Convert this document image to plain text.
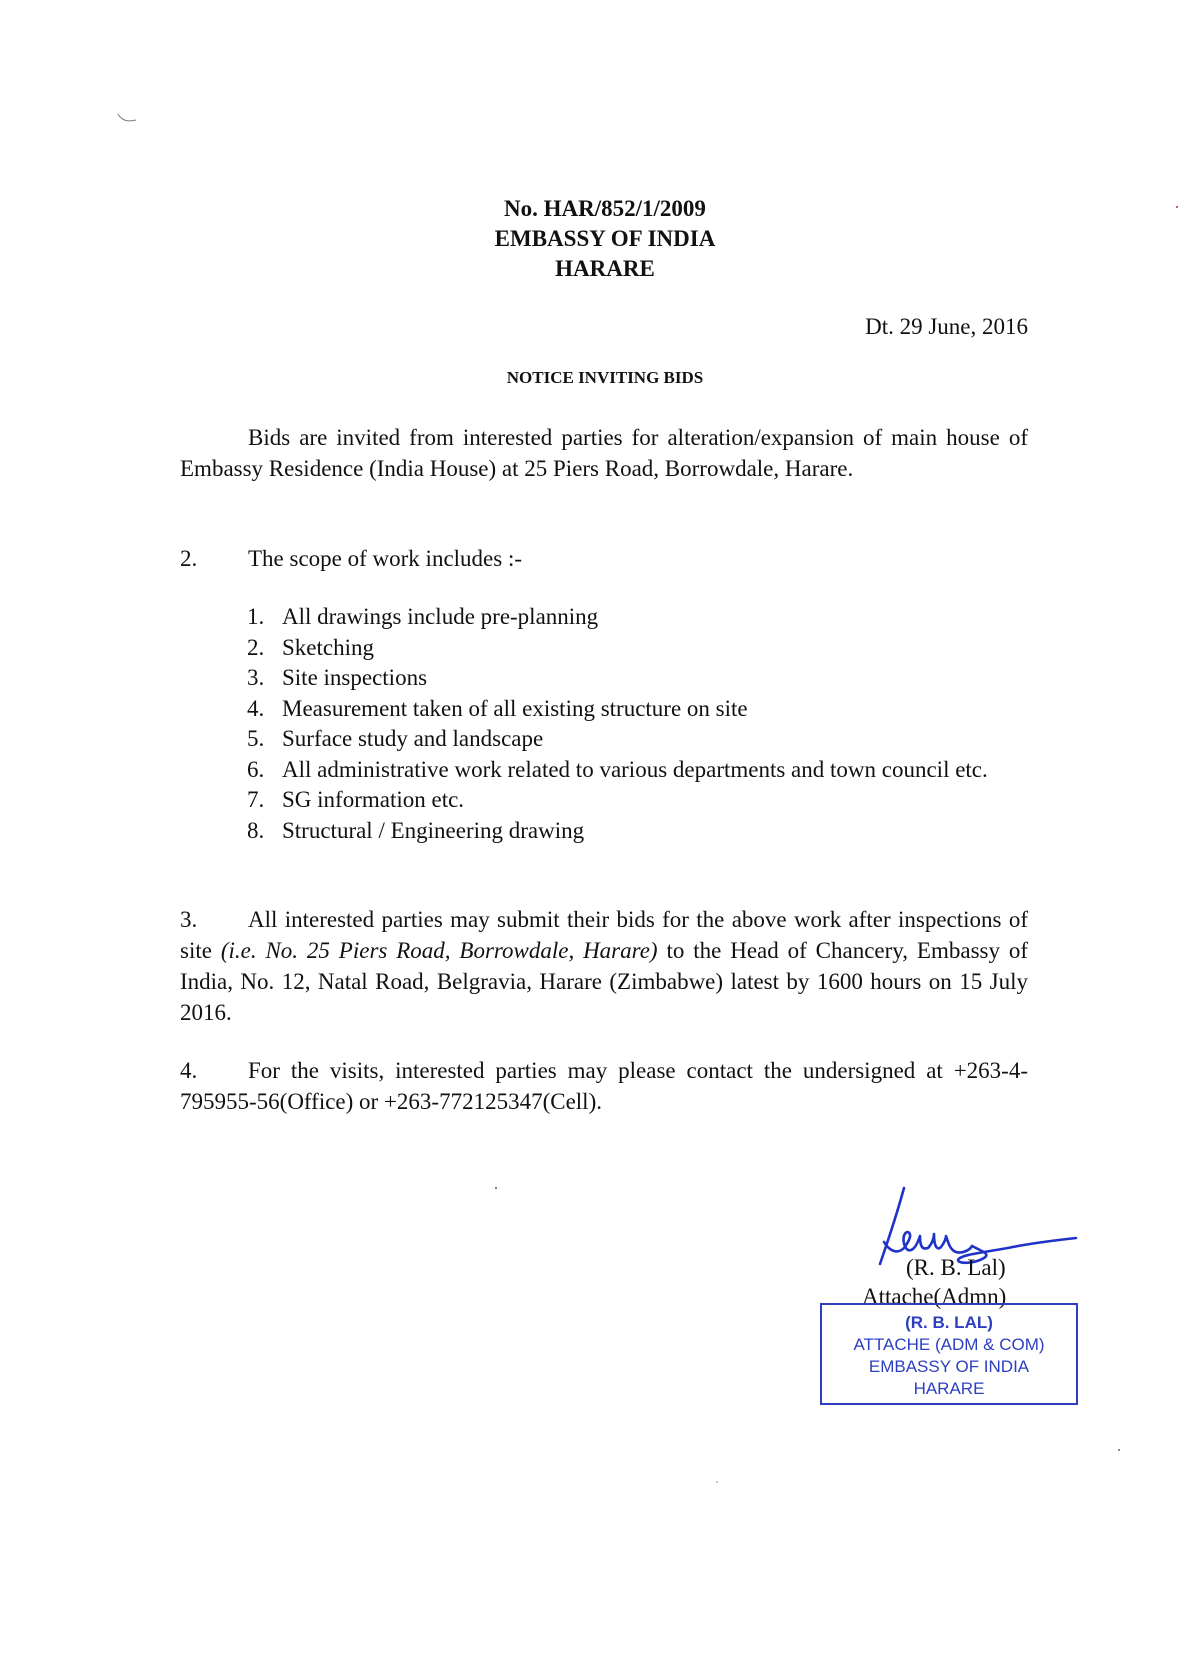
No. HAR/852/1/2009
EMBASSY OF INDIA
HARARE
Dt. 29 June, 2016
NOTICE INVITING BIDS
Bids are invited from interested parties for alteration/expansion of main house of Embassy Residence (India House) at 25 Piers Road, Borrowdale, Harare.
2. The scope of work includes :-
1. All drawings include pre-planning
2. Sketching
3. Site inspections
4. Measurement taken of all existing structure on site
5. Surface study and landscape
6. All administrative work related to various departments and town council etc.
7. SG information etc.
8. Structural / Engineering drawing
3. All interested parties may submit their bids for the above work after inspections of site (i.e. No. 25 Piers Road, Borrowdale, Harare) to the Head of Chancery, Embassy of India, No. 12, Natal Road, Belgravia, Harare (Zimbabwe) latest by 1600 hours on 15 July 2016.
4. For the visits, interested parties may please contact the undersigned at +263-4-795955-56(Office) or +263-772125347(Cell).
(R. B. Lal)
Attache(Admn)
(R. B. LAL)
ATTACHE (ADM & COM)
EMBASSY OF INDIA
HARARE
